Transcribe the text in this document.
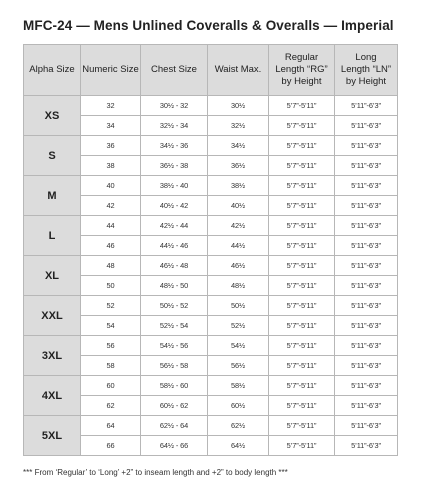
MFC-24 — Mens Unlined Coveralls & Overalls — Imperial
Alpha Size	Numeric Size	Chest Size	Waist Max.	Regular
Length “RG”
by Height	Long
Length “LN”
by Height
XS	32	30½ - 32	30½	5’7”-5’11”	5’11”-6’3”
	34	32½ - 34	32½	5’7”-5’11”	5’11”-6’3”
S	36	34½ - 36	34½	5’7”-5’11”	5’11”-6’3”
	38	36½ - 38	36½	5’7”-5’11”	5’11”-6’3”
M	40	38½ - 40	38½	5’7”-5’11”	5’11”-6’3”
	42	40½ - 42	40½	5’7”-5’11”	5’11”-6’3”
L	44	42½ - 44	42½	5’7”-5’11”	5’11”-6’3”
	46	44½ - 46	44½	5’7”-5’11”	5’11”-6’3”
XL	48	46½ - 48	46½	5’7”-5’11”	5’11”-6’3”
	50	48½ - 50	48½	5’7”-5’11”	5’11”-6’3”
XXL	52	50½ - 52	50½	5’7”-5’11”	5’11”-6’3”
	54	52½ - 54	52½	5’7”-5’11”	5’11”-6’3”
3XL	56	54½ - 56	54½	5’7”-5’11”	5’11”-6’3”
	58	56½ - 58	56½	5’7”-5’11”	5’11”-6’3”
4XL	60	58½ - 60	58½	5’7”-5’11”	5’11”-6’3”
	62	60½ - 62	60½	5’7”-5’11”	5’11”-6’3”
5XL	64	62½ - 64	62½	5’7”-5’11”	5’11”-6’3”
	66	64½ - 66	64½	5’7”-5’11”	5’11”-6’3”
*** From ‘Regular’ to ‘Long’ +2” to inseam length and +2” to body length ***
